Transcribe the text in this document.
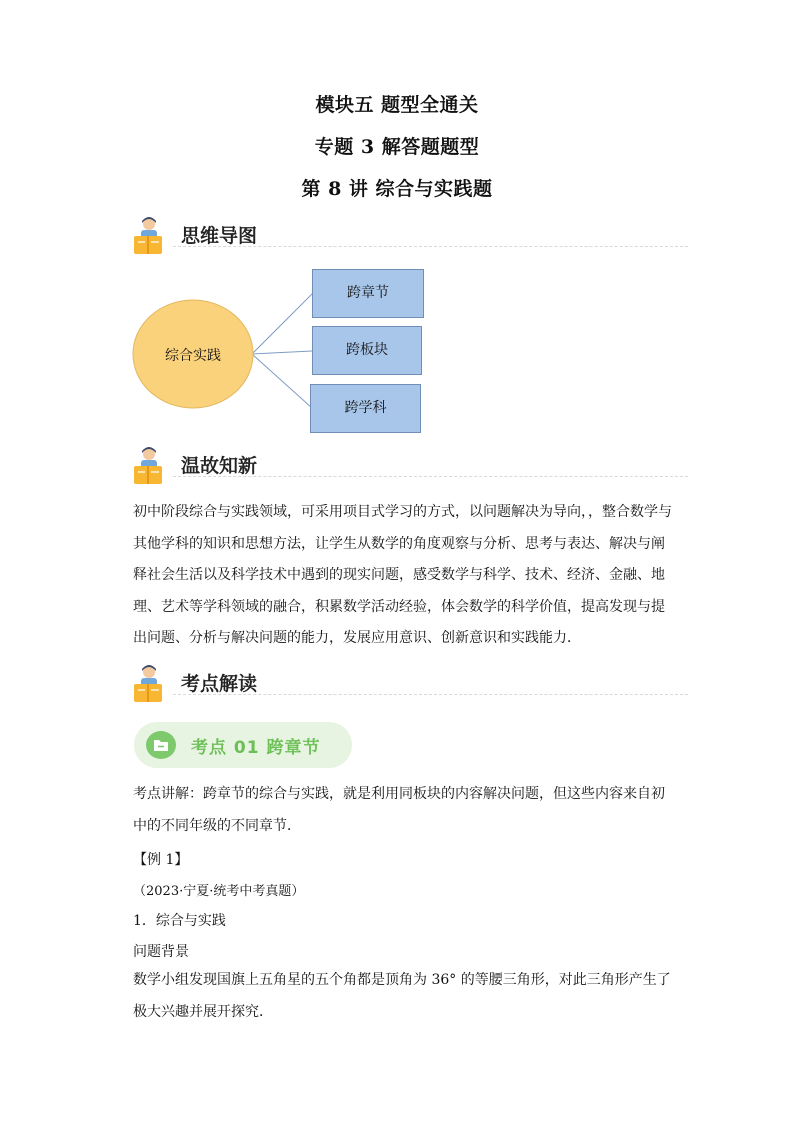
模块五 题型全通关
专题 3 解答题题型
第 8 讲 综合与实践题
思维导图
综合实践
跨章节
跨板块
跨学科
温故知新
初中阶段综合与实践领域，可采用项目式学习的方式，以问题解决为导向，，整合数学与其他学科的知识和思想方法，让学生从数学的角度观察与分析、思考与表达、解决与阐释社会生活以及科学技术中遇到的现实问题，感受数学与科学、技术、经济、金融、地理、艺术等学科领域的融合，积累数学活动经验，体会数学的科学价值，提高发现与提出问题、分析与解决问题的能力，发展应用意识、创新意识和实践能力．
考点解读
考点 01 跨章节
考点讲解：跨章节的综合与实践，就是利用同板块的内容解决问题，但这些内容来自初中的不同年级的不同章节．
【例 1】
（2023·宁夏·统考中考真题）
1．综合与实践
问题背景
数学小组发现国旗上五角星的五个角都是顶角为 36° 的等腰三角形，对此三角形产生了极大兴趣并展开探究．
